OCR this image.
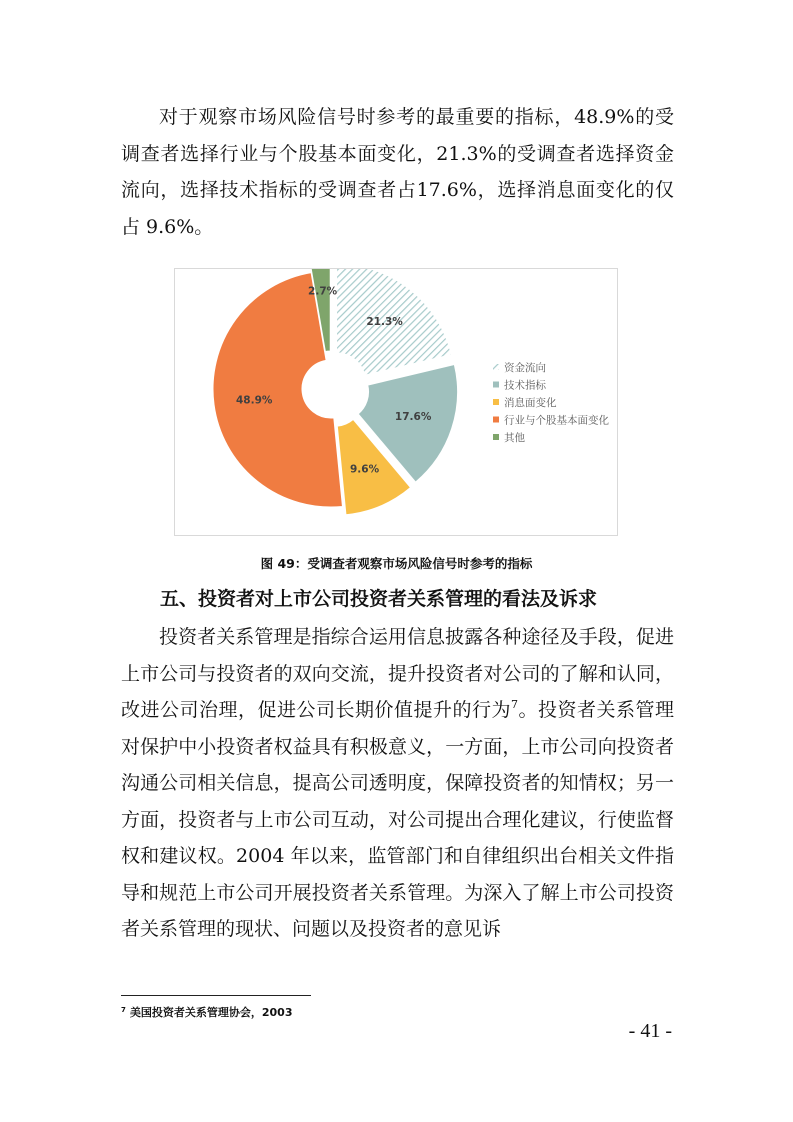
对于观察市场风险信号时参考的最重要的指标，48.9%的受调查者选择行业与个股基本面变化，21.3%的受调查者选择资金流向，选择技术指标的受调查者占17.6%，选择消息面变化的仅占 9.6%。

21.3%
17.6%
9.6%
48.9%
2.7%
资金流向
技术指标
消息面变化
行业与个股基本面变化
其他
图 49：受调查者观察市场风险信号时参考的指标
五、投资者对上市公司投资者关系管理的看法及诉求

投资者关系管理是指综合运用信息披露各种途径及手段，促进上市公司与投资者的双向交流，提升投资者对公司的了解和认同，改进公司治理，促进公司长期价值提升的行为$^7$。投资者关系管理对保护中小投资者权益具有积极意义，一方面，上市公司向投资者沟通公司相关信息，提高公司透明度，保障投资者的知情权；另一方面，投资者与上市公司互动，对公司提出合理化建议，行使监督权和建议权。2004 年以来，监管部门和自律组织出台相关文件指导和规范上市公司开展投资者关系管理。为深入了解上市公司投资者关系管理的现状、问题以及投资者的意见诉

$^7$ 美国投资者关系管理协会，2003
- 41 -
